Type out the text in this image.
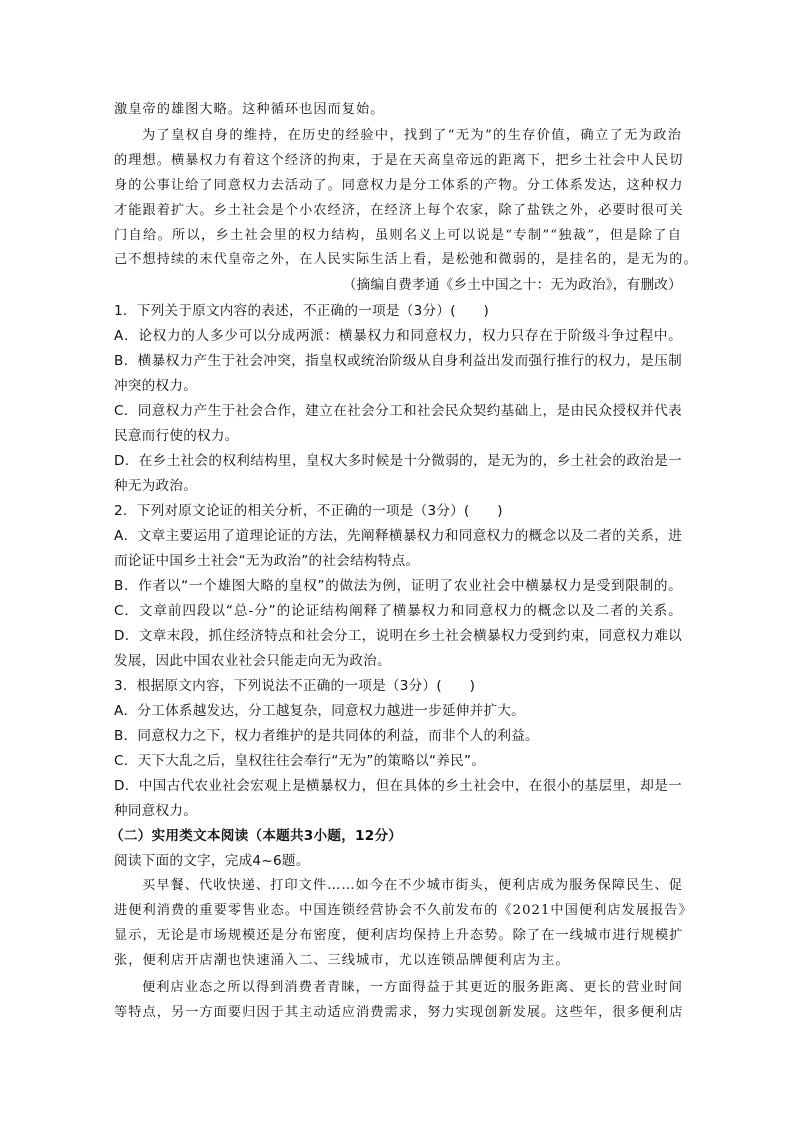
激皇帝的雄图大略。这种循环也因而复始。
为了皇权自身的维持，在历史的经验中，找到了“无为”的生存价值，确立了无为政治
的理想。横暴权力有着这个经济的拘束，于是在天高皇帝远的距离下，把乡土社会中人民切
身的公事让给了同意权力去活动了。同意权力是分工体系的产物。分工体系发达，这种权力
才能跟着扩大。乡土社会是个小农经济，在经济上每个农家，除了盐铁之外，必要时很可关
门自给。所以，乡土社会里的权力结构，虽则名义上可以说是“专制”“独裁”，但是除了自
己不想持续的末代皇帝之外，在人民实际生活上看，是松弛和微弱的，是挂名的，是无为的。
（摘编自费孝通《乡土中国之十：无为政治》，有删改）
1．下列关于原文内容的表述，不正确的一项是（3分）(　　)
A．论权力的人多少可以分成两派：横暴权力和同意权力，权力只存在于阶级斗争过程中。
B．横暴权力产生于社会冲突，指皇权或统治阶级从自身利益出发而强行推行的权力，是压制
冲突的权力。
C．同意权力产生于社会合作，建立在社会分工和社会民众契约基础上，是由民众授权并代表
民意而行使的权力。
D．在乡土社会的权利结构里，皇权大多时候是十分微弱的，是无为的，乡土社会的政治是一
种无为政治。
2．下列对原文论证的相关分析，不正确的一项是（3分）(　　)
A．文章主要运用了道理论证的方法，先阐释横暴权力和同意权力的概念以及二者的关系，进
而论证中国乡土社会“无为政治”的社会结构特点。
B．作者以“一个雄图大略的皇权”的做法为例，证明了农业社会中横暴权力是受到限制的。
C．文章前四段以“总-分”的论证结构阐释了横暴权力和同意权力的概念以及二者的关系。
D．文章末段，抓住经济特点和社会分工，说明在乡土社会横暴权力受到约束，同意权力难以
发展，因此中国农业社会只能走向无为政治。
3．根据原文内容，下列说法不正确的一项是（3分）(　　)
A．分工体系越发达，分工越复杂，同意权力越进一步延伸并扩大。
B．同意权力之下，权力者维护的是共同体的利益，而非个人的利益。
C．天下大乱之后，皇权往往会奉行“无为”的策略以“养民”。
D．中国古代农业社会宏观上是横暴权力，但在具体的乡土社会中，在很小的基层里，却是一
种同意权力。
（二）实用类文本阅读（本题共3小题，12分）
阅读下面的文字，完成4~6题。
买早餐、代收快递、打印文件……如今在不少城市街头，便利店成为服务保障民生、促
进便利消费的重要零售业态。中国连锁经营协会不久前发布的《2021中国便利店发展报告》
显示，无论是市场规模还是分布密度，便利店均保持上升态势。除了在一线城市进行规模扩
张，便利店开店潮也快速涌入二、三线城市，尤以连锁品牌便利店为主。
便利店业态之所以得到消费者青睐，一方面得益于其更近的服务距离、更长的营业时间
等特点，另一方面要归因于其主动适应消费需求，努力实现创新发展。这些年，很多便利店
